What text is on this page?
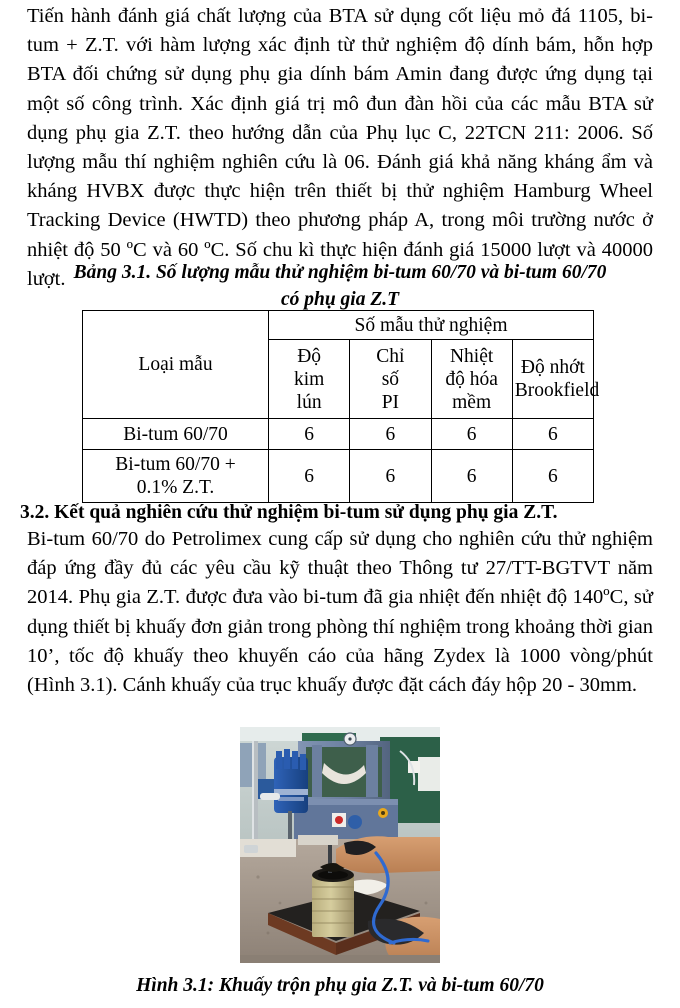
Tiến hành đánh giá chất lượng của BTA sử dụng cốt liệu mỏ đá 1105, bi-tum + Z.T. với hàm lượng xác định từ thử nghiệm độ dính bám, hỗn hợp BTA đối chứng sử dụng phụ gia dính bám Amin đang được ứng dụng tại một số công trình. Xác định giá trị mô đun đàn hồi của các mẫu BTA sử dụng phụ gia Z.T. theo hướng dẫn của Phụ lục C, 22TCN 211: 2006. Số lượng mẫu thí nghiệm nghiên cứu là 06. Đánh giá khả năng kháng ẩm và kháng HVBX được thực hiện trên thiết bị thử nghiệm Hamburg Wheel Tracking Device (HWTD) theo phương pháp A, trong môi trường nước ở nhiệt độ 50 ºC và 60 ºC. Số chu kì thực hiện đánh giá 15000 lượt và 40000 lượt. Bảng 3.1. Số lượng mẫu thử nghiệm bi-tum 60/70 và bi-tum 60/70
có phụ gia Z.T
Loại mẫu	Số mẫu thử nghiệm			
	Độ
kim
lún	Chỉ
số
PI	Nhiệt
độ hóa
mềm	Độ nhớt
Brookfield
Bi-tum 60/70	6	6	6	6
Bi-tum 60/70 +
0.1% Z.T.	6	6	6	6
3.2. Kết quả nghiên cứu thử nghiệm bi-tum sử dụng phụ gia Z.T.
Bi-tum 60/70 do Petrolimex cung cấp sử dụng cho nghiên cứu thử nghiệm đáp ứng đầy đủ các yêu cầu kỹ thuật theo Thông tư 27/TT-BGTVT năm 2014. Phụ gia Z.T. được đưa vào bi-tum đã gia nhiệt đến nhiệt độ 140ºC, sử dụng thiết bị khuấy đơn giản trong phòng thí nghiệm trong khoảng thời gian 10’, tốc độ khuấy theo khuyến cáo của hãng Zydex là 1000 vòng/phút (Hình 3.1). Cánh khuấy của trục khuấy được đặt cách đáy hộp 20 - 30mm.
Hình 3.1: Khuấy trộn phụ gia Z.T. và bi-tum 60/70
